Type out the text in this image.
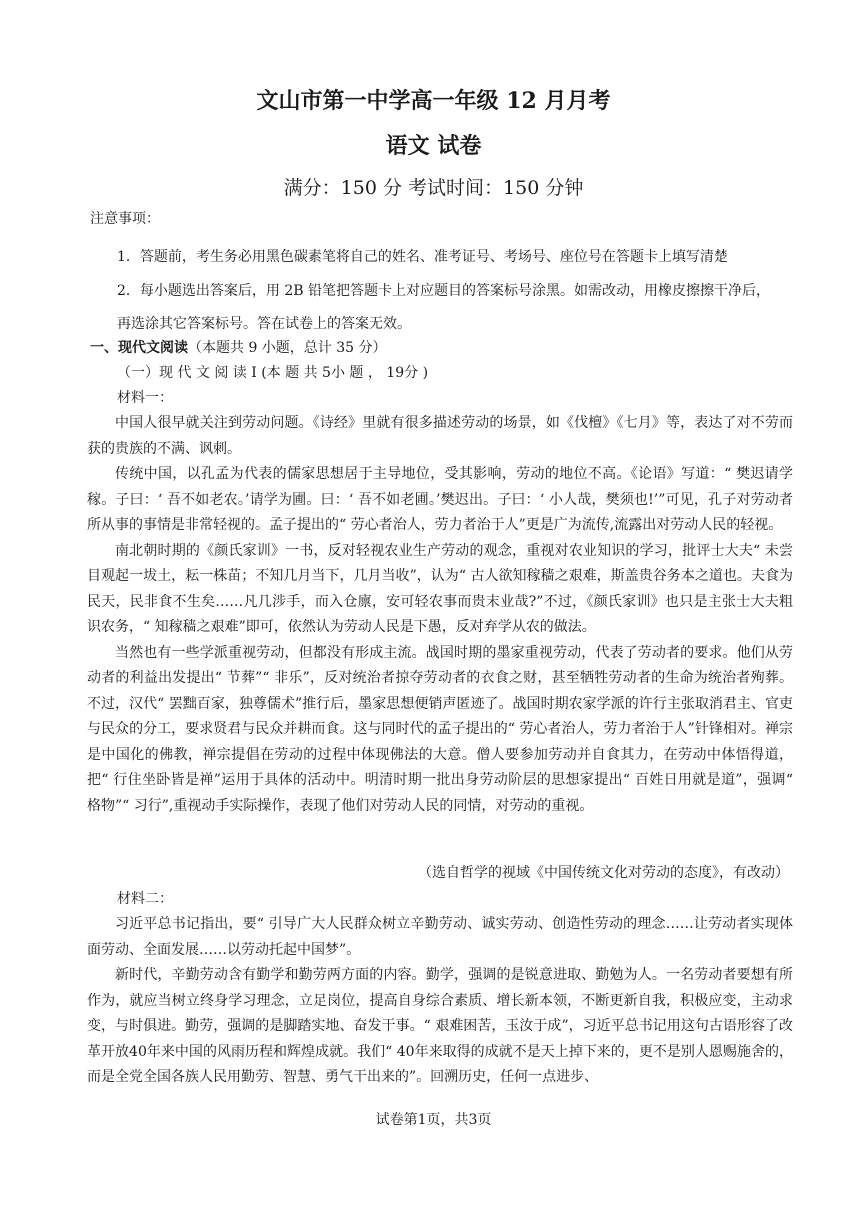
文山市第一中学高一年级 12 月月考
语文 试卷
满分：150 分 考试时间：150 分钟
注意事项：
1．答题前，考生务必用黑色碳素笔将自己的姓名、准考证号、考场号、座位号在答题卡上填写清楚
2．每小题选出答案后，用 2B 铅笔把答题卡上对应题目的答案标号涂黑。如需改动，用橡皮擦擦干净后，
再选涂其它答案标号。答在试卷上的答案无效。
一、现代文阅读（本题共 9 小题，总计 35 分）
（一）现 代 文 阅 读 Ⅰ (本 题 共 5小 题 ， 19分 )
材料一：

中国人很早就关注到劳动问题。《诗经》里就有很多描述劳动的场景，如《伐檀》《七月》等，表达了对不劳而获的贵族的不满、讽刺。

传统中国，以孔孟为代表的儒家思想居于主导地位，受其影响，劳动的地位不高。《论语》写道：“ 樊迟请学稼。子曰：‘ 吾不如老农。’请学为圃。曰：‘ 吾不如老圃。’樊迟出。子曰：‘ 小人哉，樊须也!’”可见，孔子对劳动者所从事的事情是非常轻视的。孟子提出的“ 劳心者治人，劳力者治于人”更是广为流传,流露出对劳动人民的轻视。

南北朝时期的《颜氏家训》一书，反对轻视农业生产劳动的观念，重视对农业知识的学习，批评士大夫“ 未尝目观起一坺土，耘一株苗；不知几月当下，几月当收”，认为“ 古人欲知稼穑之艰难，斯盖贵谷务本之道也。夫食为民天，民非食不生矣……凡几涉手，而入仓廪，安可轻农事而贵末业哉?”不过，《颜氏家训》也只是主张士大夫粗识农务，“ 知稼穑之艰难”即可，依然认为劳动人民是下愚，反对弃学从农的做法。

当然也有一些学派重视劳动，但都没有形成主流。战国时期的墨家重视劳动，代表了劳动者的要求。他们从劳动者的利益出发提出“ 节葬”“ 非乐”，反对统治者掠夺劳动者的衣食之财，甚至牺牲劳动者的生命为统治者殉葬。不过，汉代“ 罢黜百家，独尊儒术”推行后，墨家思想便销声匿迹了。战国时期农家学派的许行主张取消君主、官吏与民众的分工，要求贤君与民众并耕而食。这与同时代的孟子提出的“ 劳心者治人，劳力者治于人”针锋相对。禅宗是中国化的佛教，禅宗提倡在劳动的过程中体现佛法的大意。僧人要参加劳动并自食其力，在劳动中体悟得道，把“ 行住坐卧皆是禅”运用于具体的活动中。明清时期一批出身劳动阶层的思想家提出“ 百姓日用就是道”，强调“ 格物”“ 习行”,重视动手实际操作，表现了他们对劳动人民的同情，对劳动的重视。

（选自哲学的视域《中国传统文化对劳动的态度》，有改动）
材料二：

习近平总书记指出，要“ 引导广大人民群众树立辛勤劳动、诚实劳动、创造性劳动的理念……让劳动者实现体面劳动、全面发展……以劳动托起中国梦”。

新时代，辛勤劳动含有勤学和勤劳两方面的内容。勤学，强调的是锐意进取、勤勉为人。一名劳动者要想有所作为，就应当树立终身学习理念，立足岗位，提高自身综合素质、增长新本领，不断更新自我，积极应变，主动求变，与时俱进。勤劳，强调的是脚踏实地、奋发干事。“ 艰难困苦，玉汝于成”，习近平总书记用这句古语形容了改革开放40年来中国的风雨历程和辉煌成就。我们“ 40年来取得的成就不是天上掉下来的，更不是别人恩赐施舍的，而是全党全国各族人民用勤劳、智慧、勇气干出来的”。回溯历史，任何一点进步、

试卷第1页，共3页
